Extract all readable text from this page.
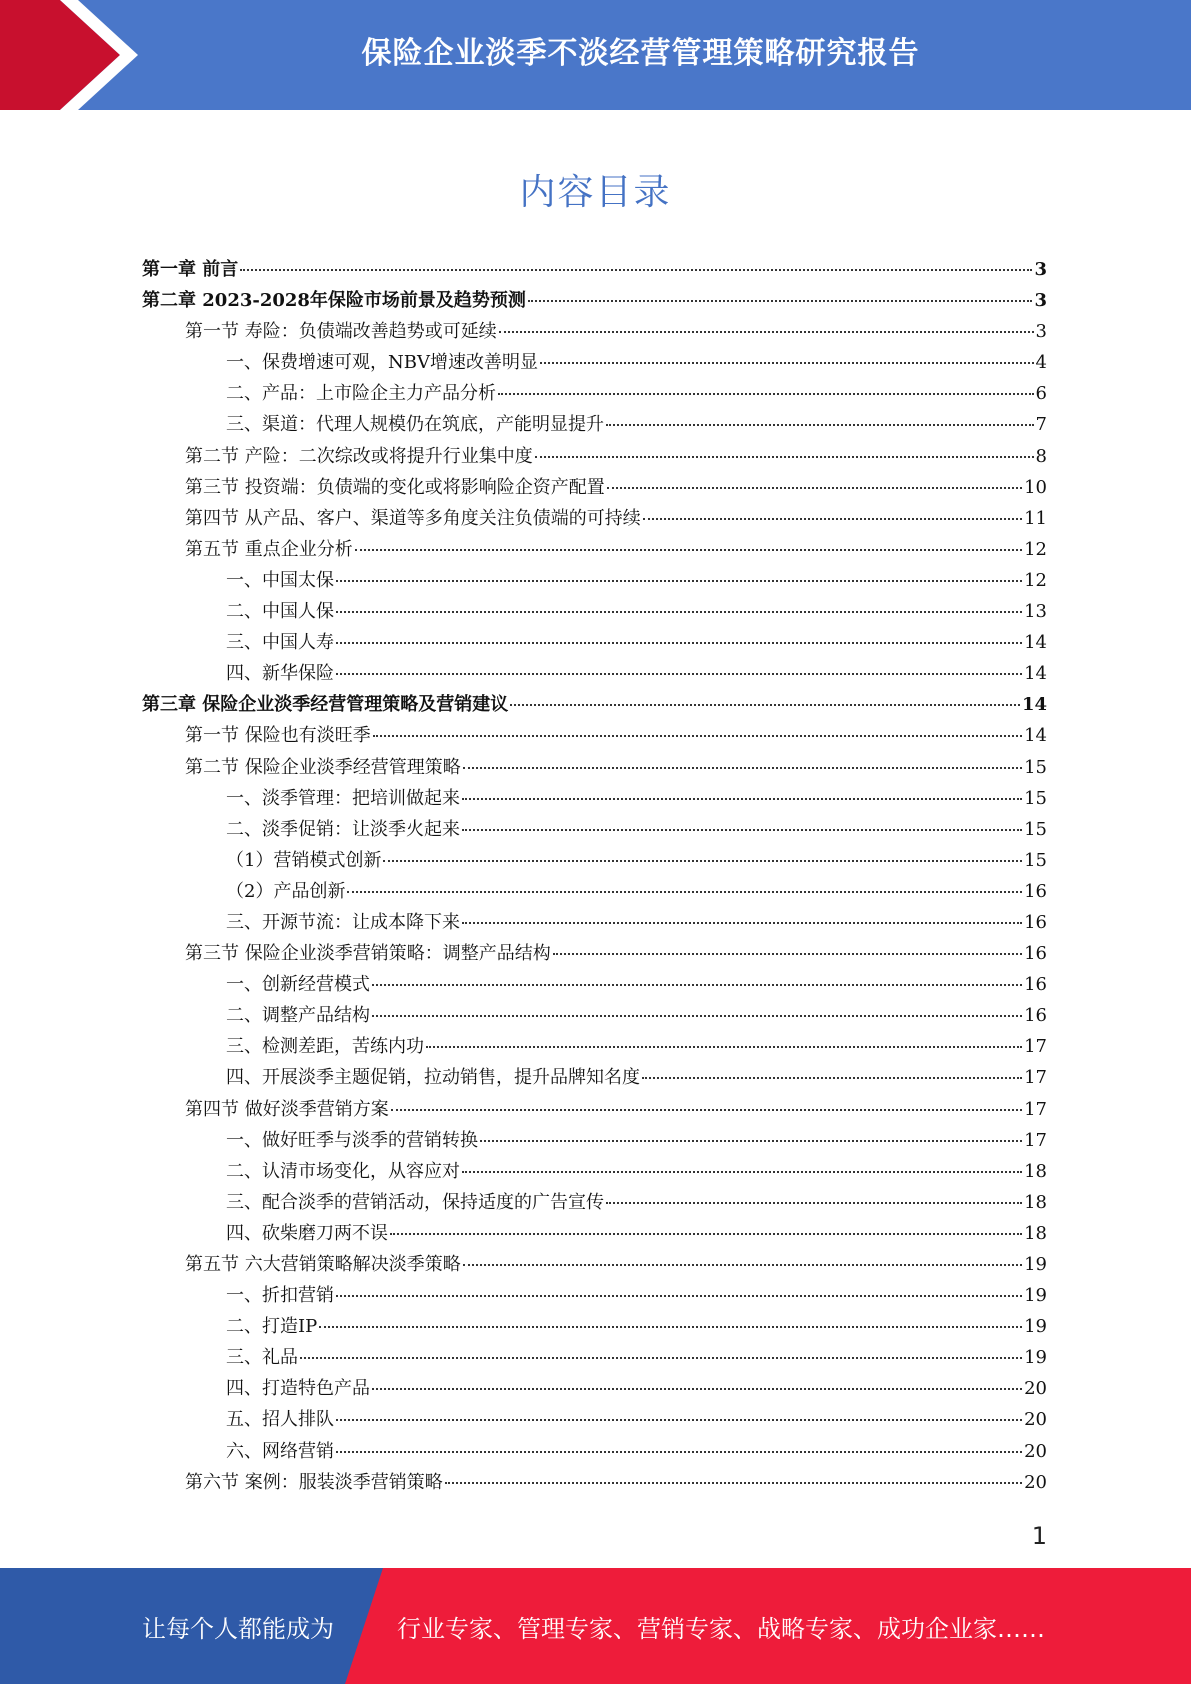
保险企业淡季不淡经营管理策略研究报告
内容目录
第一章 前言	3
第二章 2023-2028年保险市场前景及趋势预测	3
第一节 寿险：负债端改善趋势或可延续	3
一、保费增速可观，NBV增速改善明显	4
二、产品：上市险企主力产品分析	6
三、渠道：代理人规模仍在筑底，产能明显提升	7
第二节 产险：二次综改或将提升行业集中度	8
第三节 投资端：负债端的变化或将影响险企资产配置	10
第四节 从产品、客户、渠道等多角度关注负债端的可持续	11
第五节 重点企业分析	12
一、中国太保	12
二、中国人保	13
三、中国人寿	14
四、新华保险	14
第三章 保险企业淡季经营管理策略及营销建议	14
第一节 保险也有淡旺季	14
第二节 保险企业淡季经营管理策略	15
一、淡季管理：把培训做起来	15
二、淡季促销：让淡季火起来	15
（1）营销模式创新	15
（2）产品创新	16
三、开源节流：让成本降下来	16
第三节 保险企业淡季营销策略：调整产品结构	16
一、创新经营模式	16
二、调整产品结构	16
三、检测差距，苦练内功	17
四、开展淡季主题促销，拉动销售，提升品牌知名度	17
第四节 做好淡季营销方案	17
一、做好旺季与淡季的营销转换	17
二、认清市场变化，从容应对	18
三、配合淡季的营销活动，保持适度的广告宣传	18
四、砍柴磨刀两不误	18
第五节 六大营销策略解决淡季策略	19
一、折扣营销	19
二、打造IP	19
三、礼品	19
四、打造特色产品	20
五、招人排队	20
六、网络营销	20
第六节 案例：服装淡季营销策略	20
1
让每个人都能成为	行业专家、管理专家、营销专家、战略专家、成功企业家……
